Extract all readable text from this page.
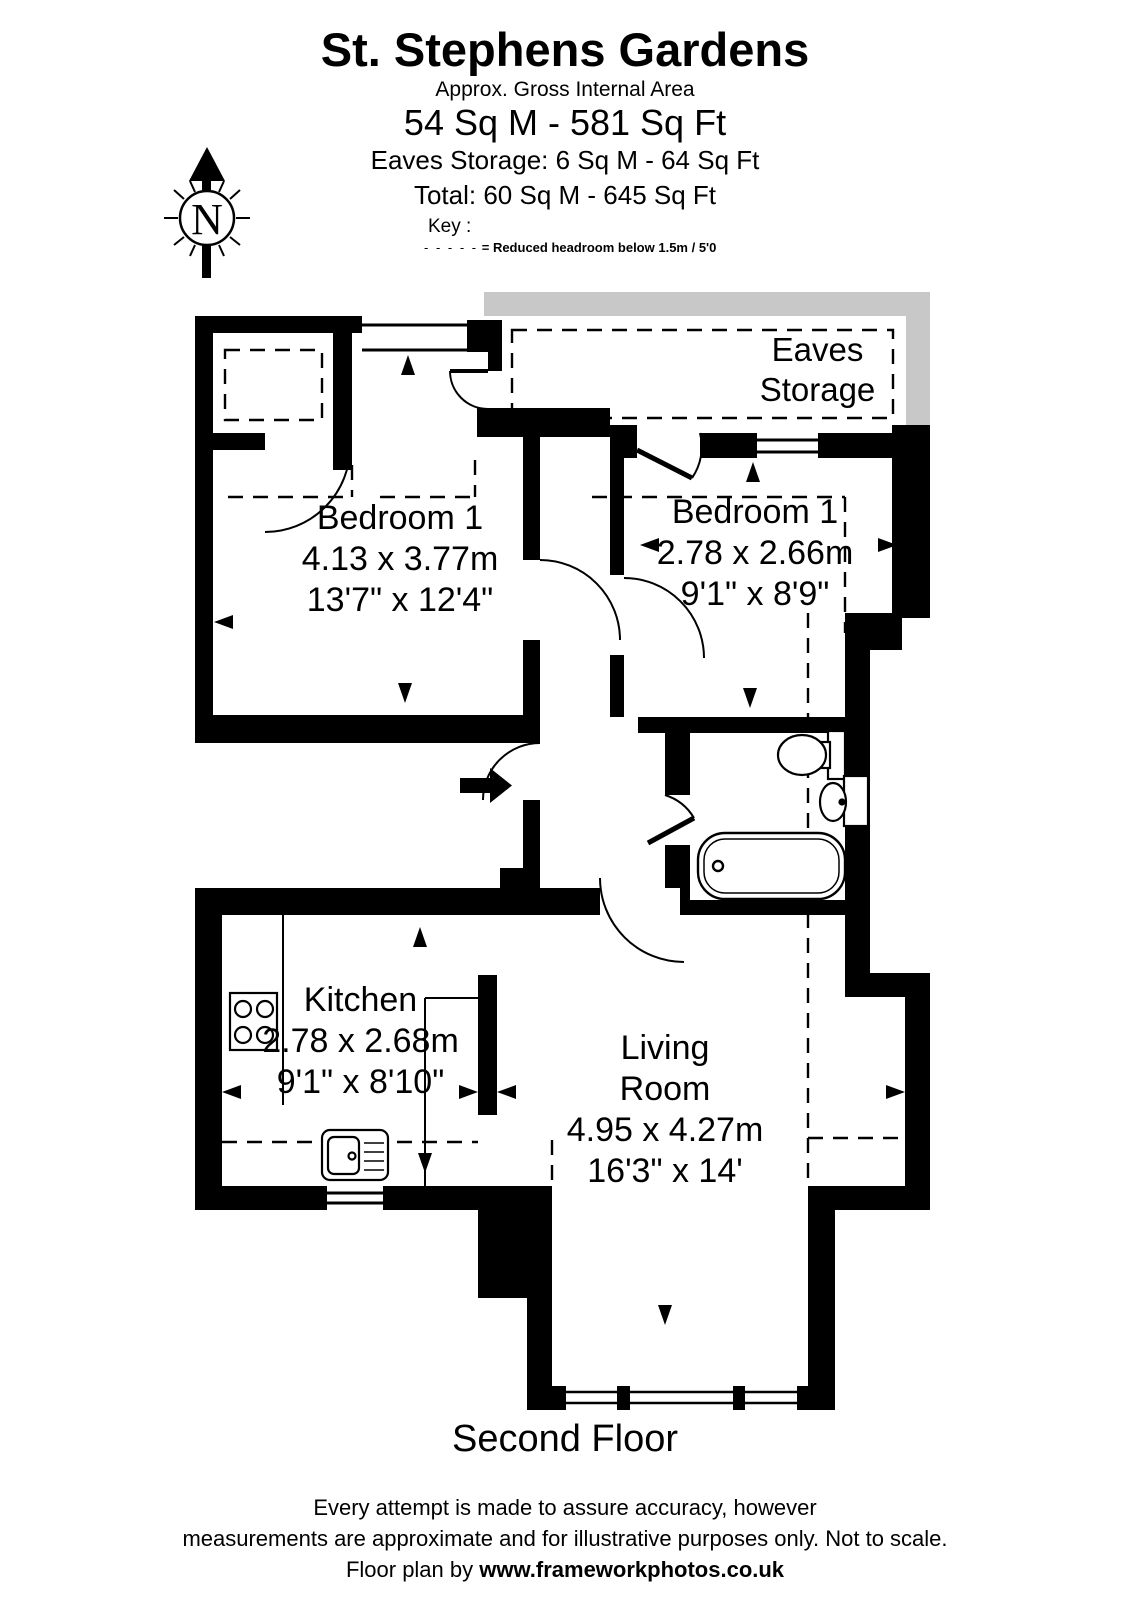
St. Stephens Gardens
Approx. Gross Internal Area
54 Sq M - 581 Sq Ft
Eaves Storage: 6 Sq M - 64 Sq Ft
Total: 60 Sq M - 645 Sq Ft
Key :
- - - - - = Reduced headroom below 1.5m / 5'0
N
Bedroom 1
4.13 x 3.77m
13'7" x 12'4"
Bedroom 1
2.78 x 2.66m
9'1" x 8'9"
Eaves
Storage
Kitchen
2.78 x 2.68m
9'1" x 8'10"
Living
Room
4.95 x 4.27m
16'3" x 14'
Second Floor
Every attempt is made to assure accuracy, however
measurements are approximate and for illustrative purposes only. Not to scale.
Floor plan by www.frameworkphotos.co.uk
